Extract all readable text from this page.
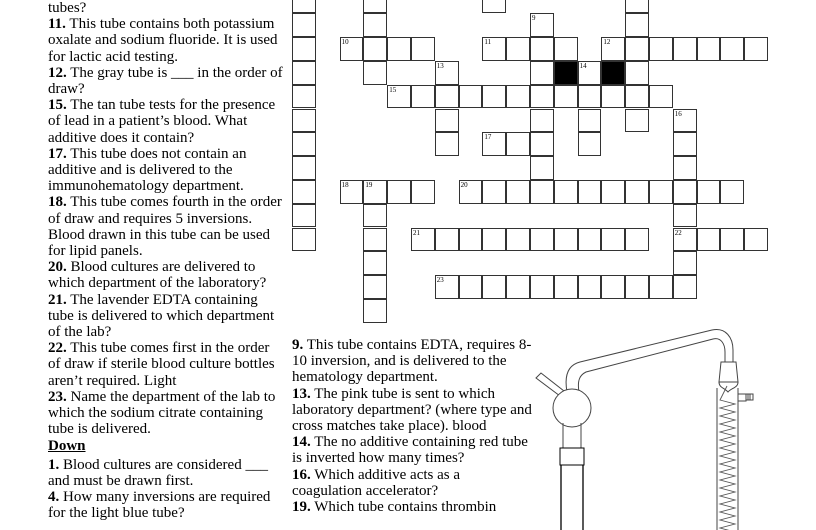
tubes?

11. This tube contains both potassium oxalate and sodium fluoride. It is used for lactic acid testing.

12. The gray tube is ___ in the order of draw?

15. The tan tube tests for the presence of lead in a patient’s blood. What additive does it contain?

17. This tube does not contain an additive and is delivered to the immunohematology department.

18. This tube comes fourth in the order of draw and requires 5 inversions. Blood drawn in this tube can be used for lipid panels.

20. Blood cultures are delivered to which department of the laboratory?

21. The lavender EDTA containing tube is delivered to which department of the lab?

22. This tube comes first in the order of draw if sterile blood culture bottles aren’t required. Light

23. Name the department of the lab to which the sodium citrate containing tube is delivered.

Down

1. Blood cultures are considered ___ and must be drawn first.

4. How many inversions are required for the light blue tube?

9. This tube contains EDTA, requires 8-10 inversion, and is delivered to the hematology department.

13. The pink tube is sent to which laboratory department? (where type and cross matches take place). blood

14. The no additive containing red tube is inverted how many times?

16. Which additive acts as a coagulation accelerator?

19. Which tube contains thrombin

9
10	11	12
13	14
15
16
17
18 19	20
21	22
23
